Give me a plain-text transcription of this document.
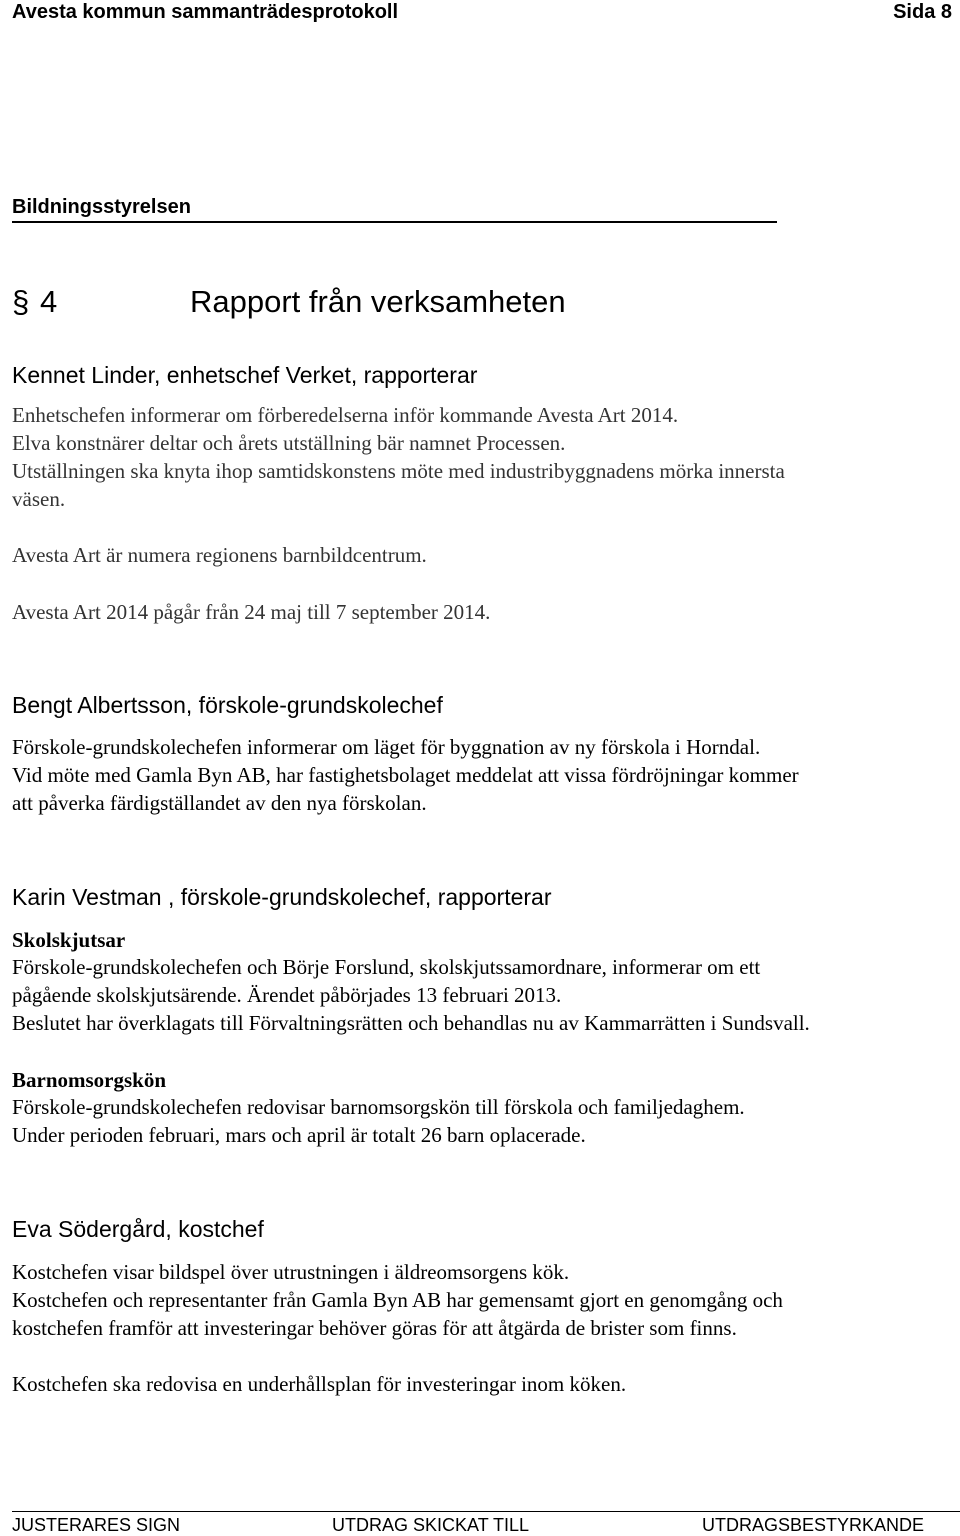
Avesta kommun sammanträdesprotokoll	Sida 8
Bildningsstyrelsen
§ 4	Rapport från verksamheten
Kennet Linder, enhetschef Verket, rapporterar
Enhetschefen informerar om förberedelserna inför kommande Avesta Art 2014.
Elva konstnärer deltar och årets utställning bär namnet Processen.
Utställningen ska knyta ihop samtidskonstens möte med industribyggnadens mörka innersta
väsen.
Avesta Art är numera regionens barnbildcentrum.
Avesta Art 2014 pågår från 24 maj till 7 september 2014.
Bengt Albertsson, förskole-grundskolechef
Förskole-grundskolechefen informerar om läget för byggnation av ny förskola i Horndal.
Vid möte med Gamla Byn AB, har fastighetsbolaget meddelat att vissa fördröjningar kommer
att påverka färdigställandet av den nya förskolan.
Karin Vestman , förskole-grundskolechef, rapporterar
Skolskjutsar
Förskole-grundskolechefen och Börje Forslund, skolskjutssamordnare, informerar om ett
pågående skolskjutsärende. Ärendet påbörjades 13 februari 2013.
Beslutet har överklagats till Förvaltningsrätten och behandlas nu av Kammarrätten i Sundsvall.
Barnomsorgskön
Förskole-grundskolechefen redovisar barnomsorgskön till förskola och familjedaghem.
Under perioden februari, mars och april är totalt 26 barn oplacerade.
Eva Södergård, kostchef
Kostchefen visar bildspel över utrustningen i äldreomsorgens kök.
Kostchefen och representanter från Gamla Byn AB har gemensamt gjort en genomgång och
kostchefen framför att investeringar behöver göras för att åtgärda de brister som finns.
Kostchefen ska redovisa en underhållsplan för investeringar inom köken.
JUSTERARES SIGN	UTDRAG SKICKAT TILL	UTDRAGSBESTYRKANDE
